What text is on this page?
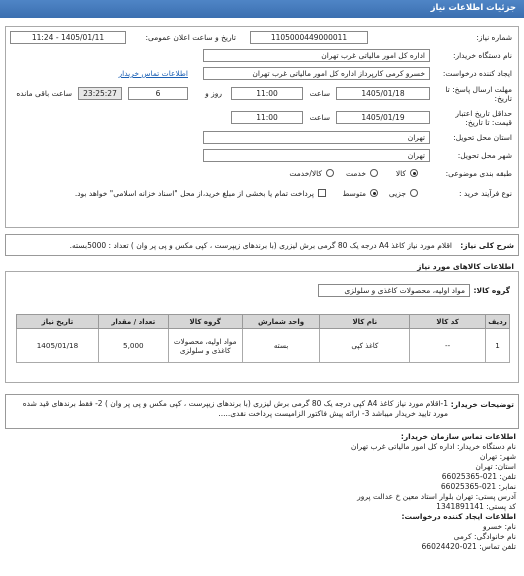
جزئیات اطلاعات نیاز
شماره نیاز:
1105000449000011
تاریخ و ساعت اعلان عمومی:
1405/01/11 - 11:24
نام دستگاه خریدار:
اداره کل امور مالیاتی غرب تهران
ایجاد کننده درخواست:
خسرو کرمی کارپرداز اداره کل امور مالیاتی غرب تهران
اطلاعات تماس خریدار
مهلت ارسال پاسخ: تا
تاریخ:
1405/01/18
ساعت
11:00
6	روز و
23:25:27
ساعت باقی مانده
حداقل تاریخ اعتبار
قیمت: تا تاریخ:
1405/01/19
ساعت
11:00
استان محل تحویل:
تهران
شهر محل تحویل:
تهران
طبقه بندی موضوعی:
کالا
خدمت
کالا/خدمت
نوع فرآیند خرید :
جزیی
متوسط
پرداخت تمام یا بخشی از مبلغ خرید،از محل "اسناد خزانه اسلامی" خواهد بود.
شرح کلی نیاز:
اقلام مورد نیاز کاغذ A4 درجه یک 80 گرمی برش لیزری (با برندهای زیپرست ، کپی مکس و پی پر وان ) تعداد : 5000بسته.
اطلاعات کالاهای مورد نیاز
گروه کالا:
مواد اولیه، محصولات کاغذی و سلولزی
ردیف	کد کالا	نام کالا	واحد شمارش	گروه کالا	تعداد / مقدار	تاریخ نیاز
1	--	کاغذ کپی	بسته	مواد اولیه، محصولات کاغذی و سلولزی	5,000	1405/01/18
توضیحات خریدار:
1-اقلام مورد نیاز کاغذ A4 کپی درجه یک 80 گرمی برش لیزری (با برندهای زیپرست ، کپی مکس و پی پر وان ) 2- فقط برندهای قید شده مورد تایید خریدار میباشد 3- ارائه پیش فاکتور الزامیست پرداخت نقدی.....
اطلاعات تماس سازمان خریدار:
نام دستگاه خریدار: اداره کل امور مالیاتی غرب تهران
شهر: تهران
استان: تهران
تلفن: 021-66025365
نمابر: 021-66025365
آدرس پستی: تهران بلوار استاد معین خ عدالت پرور
کد پستی: 1341891141
اطلاعات ایجاد کننده درخواست:
نام: خسرو
نام خانوادگی: کرمی
تلفن تماس: 021-66024420
